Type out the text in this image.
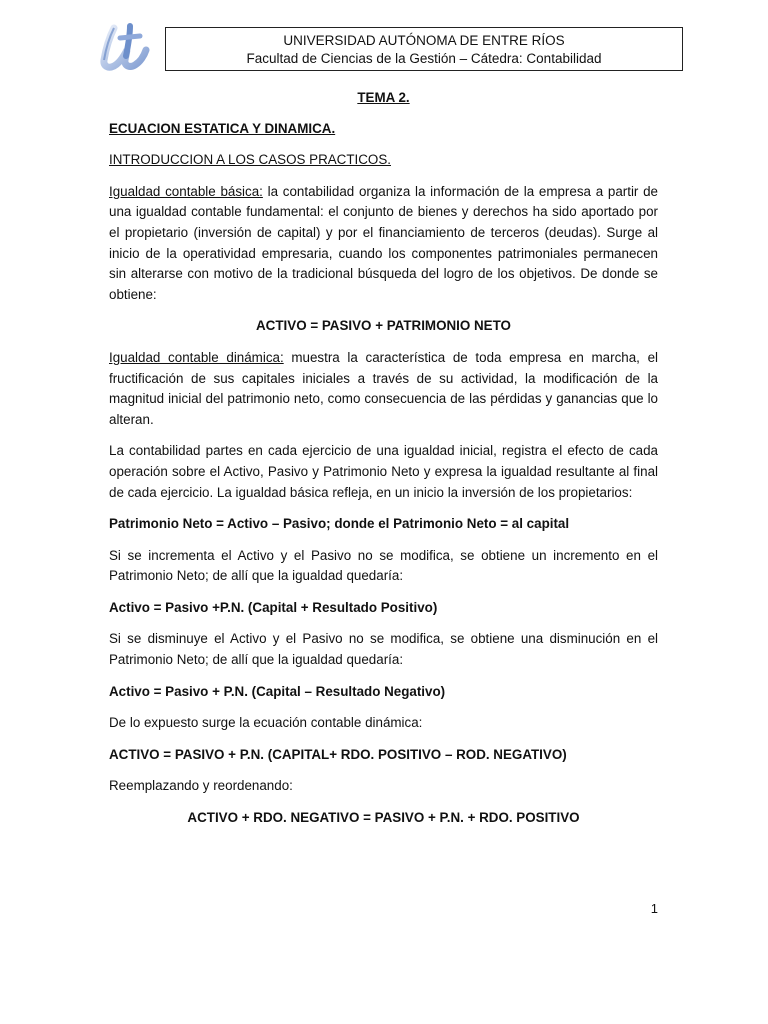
UNIVERSIDAD AUTÓNOMA DE ENTRE RÍOS
Facultad de Ciencias de la Gestión – Cátedra: Contabilidad

TEMA 2.

ECUACION ESTATICA Y DINAMICA.

INTRODUCCION A LOS CASOS PRACTICOS.

Igualdad contable básica: la contabilidad organiza la información de la empresa a partir de una igualdad contable fundamental: el conjunto de bienes y derechos ha sido aportado por el propietario (inversión de capital) y por el financiamiento de terceros (deudas). Surge al inicio de la operatividad empresaria, cuando los componentes patrimoniales permanecen sin alterarse con motivo de la tradicional búsqueda del logro de los objetivos. De donde se obtiene:

ACTIVO = PASIVO + PATRIMONIO NETO

Igualdad contable dinámica: muestra la característica de toda empresa en marcha, el fructificación de sus capitales iniciales a través de su actividad, la modificación de la magnitud inicial del patrimonio neto, como consecuencia de las pérdidas y ganancias que lo alteran.

La contabilidad partes en cada ejercicio de una igualdad inicial, registra el efecto de cada operación sobre el Activo, Pasivo y Patrimonio Neto y expresa la igualdad resultante al final de cada ejercicio. La igualdad básica refleja, en un inicio la inversión de los propietarios:

Patrimonio Neto = Activo – Pasivo; donde el Patrimonio Neto = al capital

Si se incrementa el Activo y el Pasivo no se modifica, se obtiene un incremento en el Patrimonio Neto; de allí que la igualdad quedaría:

Activo = Pasivo +P.N. (Capital + Resultado Positivo)

Si se disminuye el Activo y el Pasivo no se modifica, se obtiene una disminución en el Patrimonio Neto; de allí que la igualdad quedaría:

Activo = Pasivo + P.N. (Capital – Resultado Negativo)

De lo expuesto surge la ecuación contable dinámica:

ACTIVO = PASIVO + P.N. (CAPITAL+ RDO. POSITIVO – ROD. NEGATIVO)

Reemplazando y reordenando:

ACTIVO + RDO. NEGATIVO = PASIVO + P.N. + RDO. POSITIVO

1
